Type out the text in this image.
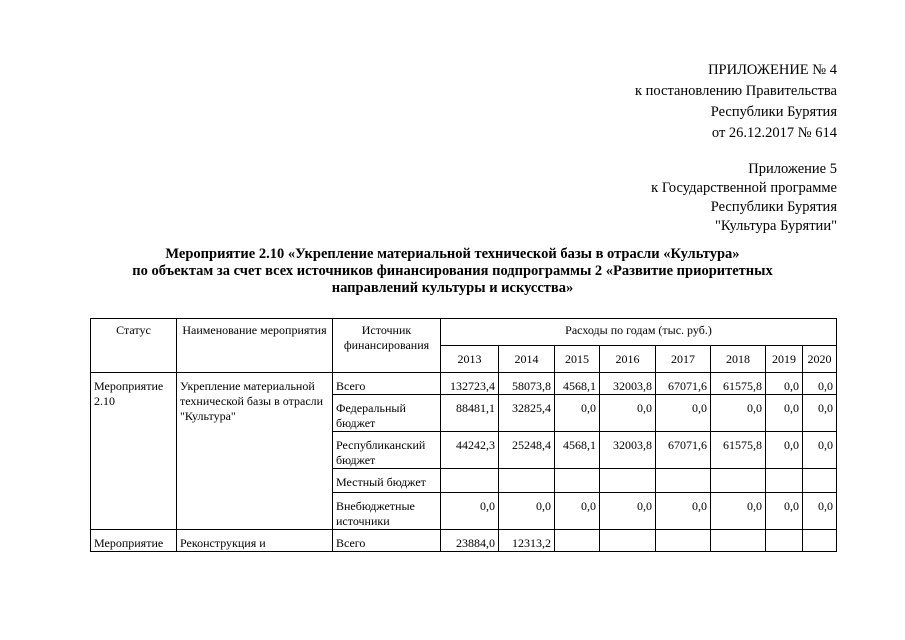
ПРИЛОЖЕНИЕ № 4
к постановлению Правительства
Республики Бурятия
от 26.12.2017 № 614
Приложение 5
к Государственной программе
Республики Бурятия
"Культура Бурятии"
Мероприятие 2.10 «Укрепление материальной технической базы в отрасли «Культура»
по объектам за счет всех источников финансирования подпрограммы 2 «Развитие приоритетных
направлений культуры и искусства»
Статус	Наименование мероприятия	Источник финансирования	Расходы по годам (тыс. руб.)							
			2013	2014	2015	2016	2017	2018	2019	2020
Мероприятие 2.10	Укрепление материальной технической базы в отрасли "Культура"	Всего	132723,4	58073,8	4568,1	32003,8	67071,6	61575,8	0,0	0,0
		Федеральный бюджет	88481,1	32825,4	0,0	0,0	0,0	0,0	0,0	0,0
		Республиканский бюджет	44242,3	25248,4	4568,1	32003,8	67071,6	61575,8	0,0	0,0
		Местный бюджет								
		Внебюджетные источники	0,0	0,0	0,0	0,0	0,0	0,0	0,0	0,0
Мероприятие	Реконструкция и	Всего	23884,0	12313,2						
